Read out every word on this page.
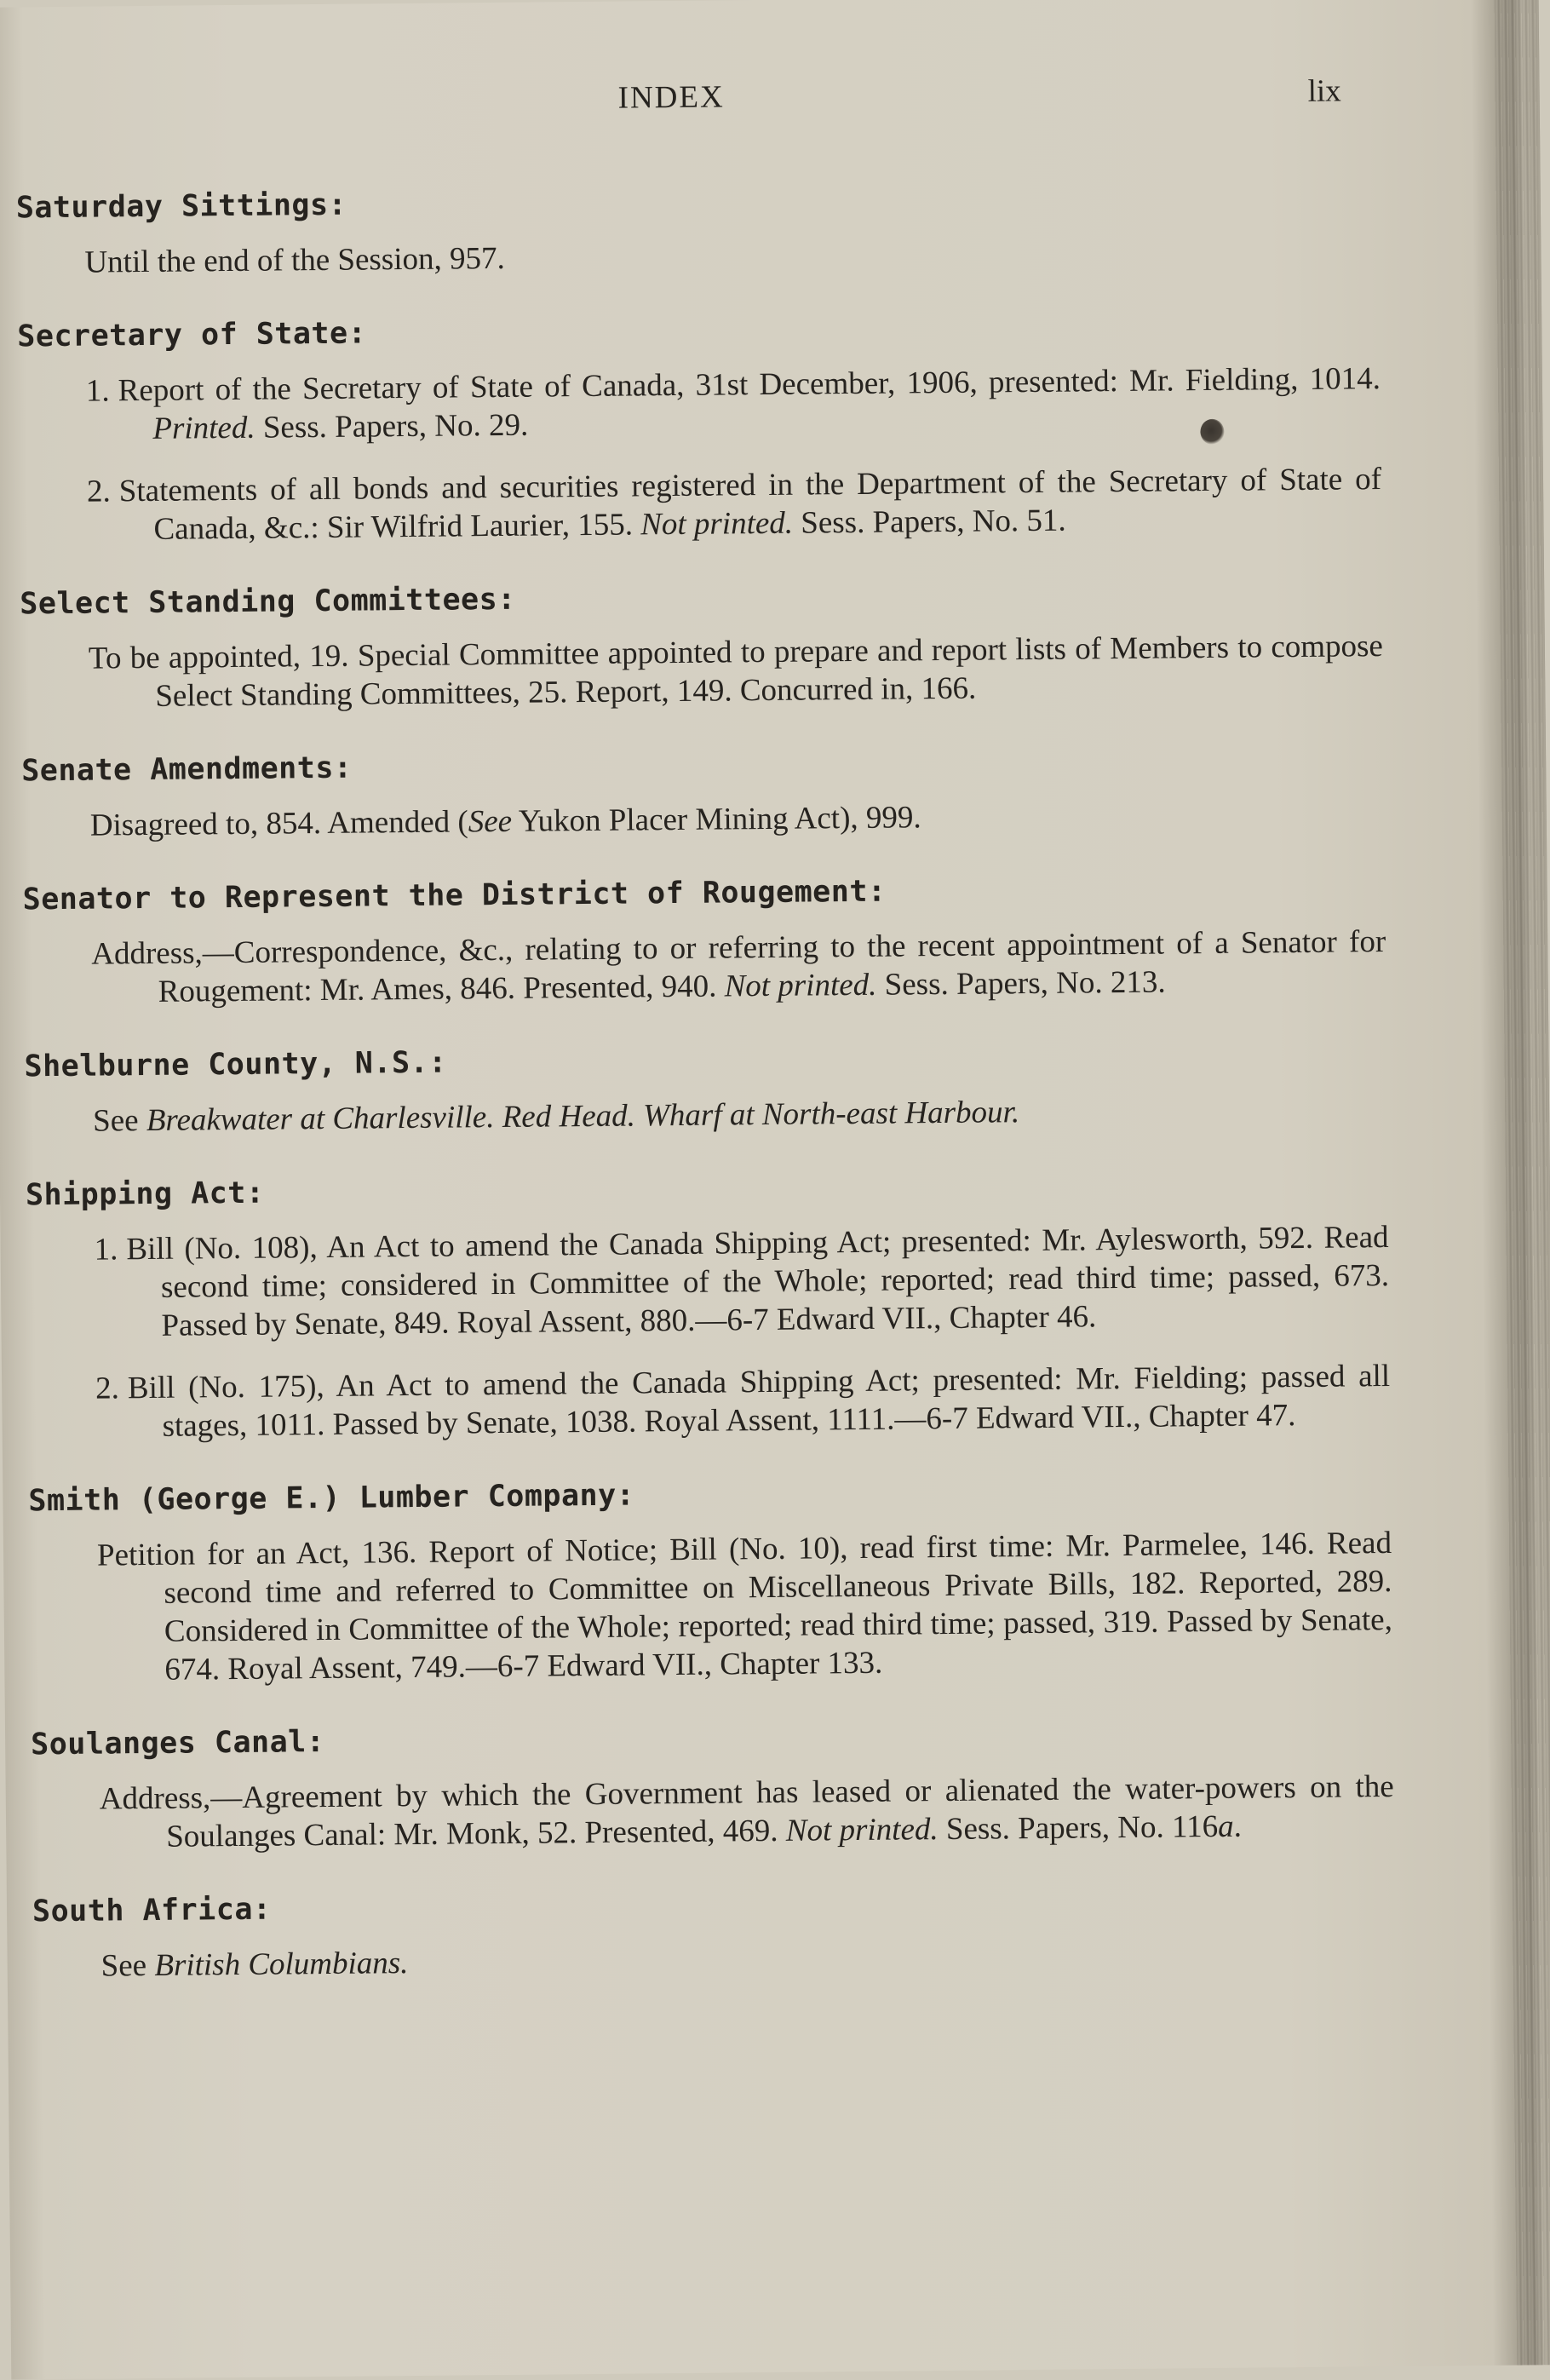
INDEX	lix
Saturday Sittings:
Until the end of the Session, 957.
Secretary of State:
1. Report of the Secretary of State of Canada, 31st December, 1906, presented: Mr. Fielding, 1014. Printed. Sess. Papers, No. 29.
2. Statements of all bonds and securities registered in the Department of the Secretary of State of Canada, &c.: Sir Wilfrid Laurier, 155. Not printed. Sess. Papers, No. 51.
Select Standing Committees:
To be appointed, 19. Special Committee appointed to prepare and report lists of Members to compose Select Standing Committees, 25. Report, 149. Concurred in, 166.
Senate Amendments:
Disagreed to, 854. Amended (See Yukon Placer Mining Act), 999.
Senator to Represent the District of Rougement:
Address,—Correspondence, &c., relating to or referring to the recent appointment of a Senator for Rougement: Mr. Ames, 846. Presented, 940. Not printed. Sess. Papers, No. 213.
Shelburne County, N.S.:
See Breakwater at Charlesville. Red Head. Wharf at North-east Harbour.
Shipping Act:
1. Bill (No. 108), An Act to amend the Canada Shipping Act; presented: Mr. Aylesworth, 592. Read second time; considered in Committee of the Whole; reported; read third time; passed, 673. Passed by Senate, 849. Royal Assent, 880.—6-7 Edward VII., Chapter 46.
2. Bill (No. 175), An Act to amend the Canada Shipping Act; presented: Mr. Fielding; passed all stages, 1011. Passed by Senate, 1038. Royal Assent, 1111.—6-7 Edward VII., Chapter 47.
Smith (George E.) Lumber Company:
Petition for an Act, 136. Report of Notice; Bill (No. 10), read first time: Mr. Parmelee, 146. Read second time and referred to Committee on Miscellaneous Private Bills, 182. Reported, 289. Considered in Committee of the Whole; reported; read third time; passed, 319. Passed by Senate, 674. Royal Assent, 749.—6-7 Edward VII., Chapter 133.
Soulanges Canal:
Address,—Agreement by which the Government has leased or alienated the water-powers on the Soulanges Canal: Mr. Monk, 52. Presented, 469. Not printed. Sess. Papers, No. 116a.
South Africa:
See British Columbians.
